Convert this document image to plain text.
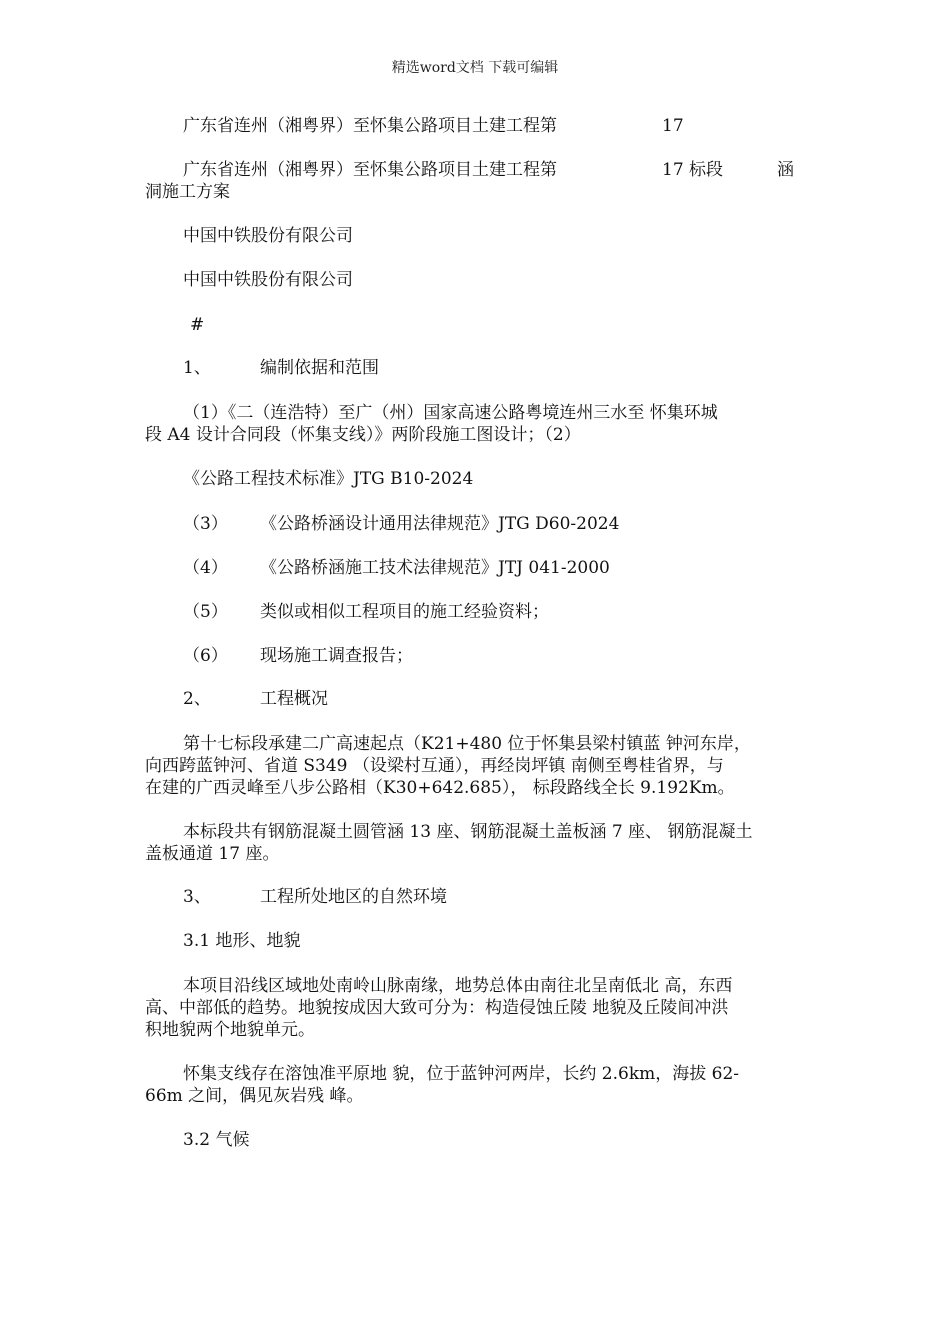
精选word文档 下载可编辑
广东省连州（湘粤界）至怀集公路项目土建工程第	17
广东省连州（湘粤界）至怀集公路项目土建工程第	17 标段	涵
洞施工方案
中国中铁股份有限公司
中国中铁股份有限公司
#
1、	编制依据和范围
（1）《二（连浩特）至广（州）国家高速公路粤境连州三水至 怀集环城
段 A4 设计合同段（怀集支线）》两阶段施工图设计；（2）
《公路工程技术标准》JTG B10-2024
（3） 《公路桥涵设计通用法律规范》JTG D60-2024
（4） 《公路桥涵施工技术法律规范》JTJ 041-2000
（5） 类似或相似工程项目的施工经验资料；
（6） 现场施工调查报告；
2、	工程概况
第十七标段承建二广高速起点（K21+480 位于怀集县梁村镇蓝 钟河东岸，
向西跨蓝钟河、省道 S349 （设梁村互通），再经岗坪镇 南侧至粤桂省界，与
在建的广西灵峰至八步公路相（K30+642.685）， 标段路线全长 9.192Km。
本标段共有钢筋混凝土圆管涵 13 座、钢筋混凝土盖板涵 7 座、 钢筋混凝土
盖板通道 17 座。
3、	工程所处地区的自然环境
3.1 地形、地貌
本项目沿线区域地处南岭山脉南缘，地势总体由南往北呈南低北 高，东西
高、中部低的趋势。地貌按成因大致可分为：构造侵蚀丘陵 地貌及丘陵间冲洪
积地貌两个地貌单元。
怀集支线存在溶蚀准平原地 貌，位于蓝钟河两岸，长约 2.6km，海拔 62-
66m 之间，偶见灰岩残 峰。
3.2 气候
